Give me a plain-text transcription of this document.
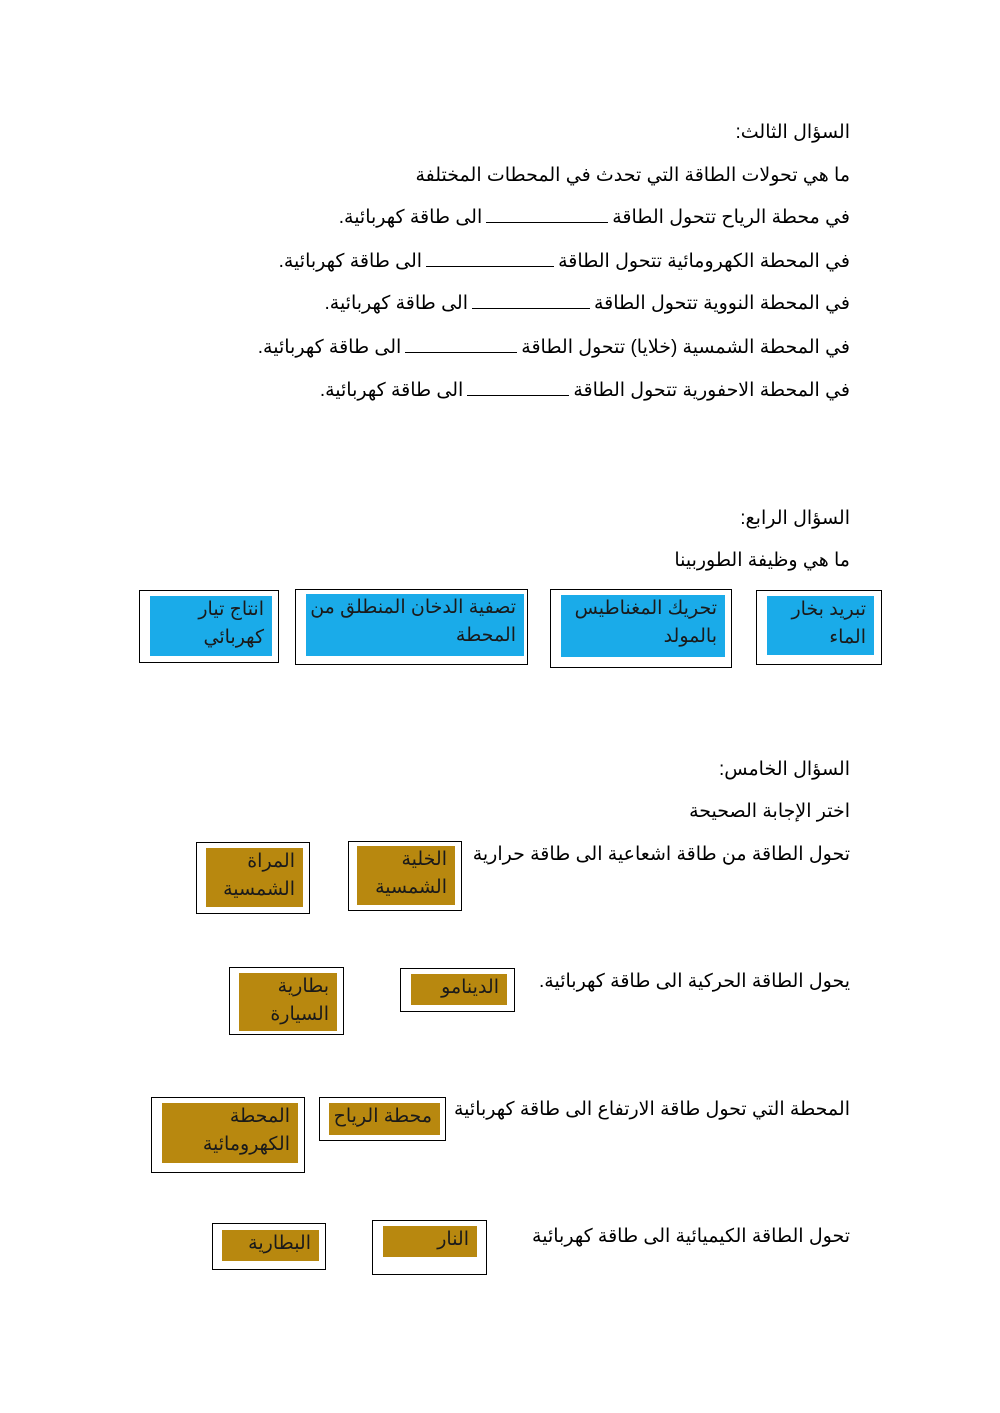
السؤال الثالث:
ما هي تحولات الطاقة التي تحدث في المحطات المختلفة
في محطة الرياح تتحول الطاقةالى طاقة كهربائية.
في المحطة الكهرومائية تتحول الطاقةالى طاقة كهربائية.
في المحطة النووية تتحول الطاقةالى طاقة كهربائية.
في المحطة الشمسية (خلايا) تتحول الطاقةالى طاقة كهربائية.
في المحطة الاحفورية تتحول الطاقةالى طاقة كهربائية.
السؤال الرابع:
ما هي وظيفة الطوربينا
تبريد بخار الماء
تحريك المغناطيس بالمولد
تصفية الدخان المنطلق من المحطة
انتاج تيار كهربائي
السؤال الخامس:
اختر الإجابة الصحيحة
تحول الطاقة من طاقة اشعاعية الى طاقة حرارية
الخلية الشمسية
المراة الشمسية
يحول الطاقة الحركية الى طاقة كهربائية.
الدينامو
بطارية السيارة
المحطة التي تحول طاقة الارتفاع الى طاقة كهربائية
محطة الرياح
المحطة الكهرومائية
تحول الطاقة الكيميائية الى طاقة كهربائية
النار
البطارية
